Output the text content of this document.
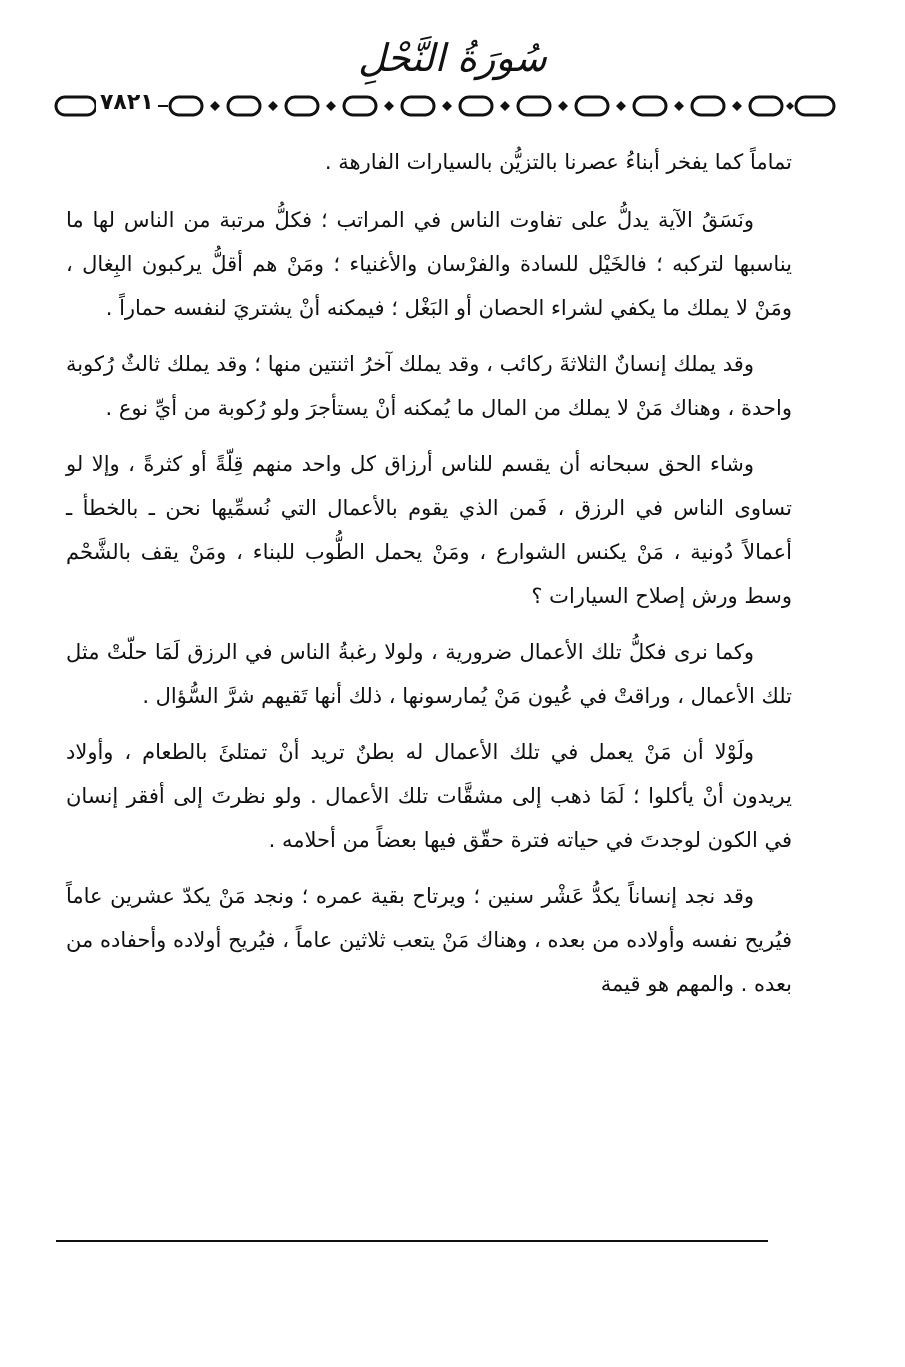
سُورَةُ النَّحْلِ
٧٨٢١

تماماً كما يفخر أبناءُ عصرنا بالتزيُّن بالسيارات الفارهة .

ونَسَقُ الآية يدلُّ على تفاوت الناس في المراتب ؛ فكلُّ مرتبة من الناس لها ما يناسبها لتركبه ؛ فالخَيْل للسادة والفرْسان والأغنياء ؛ ومَنْ هم أقلُّ يركبون البِغال ، ومَنْ لا يملك ما يكفي لشراء الحصان أو البَغْل ؛ فيمكنه أنْ يشتريَ لنفسه حماراً .

وقد يملك إنسانٌ الثلاثةَ ركائب ، وقد يملك آخرُ اثنتين منها ؛ وقد يملك ثالثٌ رُكوبة واحدة ، وهناك مَنْ لا يملك من المال ما يُمكنه أنْ يستأجرَ ولو رُكوبة من أيِّ نوع .

وشاء الحق سبحانه أن يقسم للناس أرزاق كل واحد منهم قِلّةً أو كثرةً ، وإلا لو تساوى الناس في الرزق ، فَمن الذي يقوم بالأعمال التي نُسمِّيها نحن ـ بالخطأ ـ أعمالاً دُونية ، مَنْ يكنس الشوارع ، ومَنْ يحمل الطُّوب للبناء ، ومَنْ يقف بالشَّحْم وسط ورش إصلاح السيارات ؟

وكما نرى فكلُّ تلك الأعمال ضرورية ، ولولا رغبةُ الناس في الرزق لَمَا حلّتْ مثل تلك الأعمال ، وراقتْ في عُيون مَنْ يُمارسونها ، ذلك أنها تَقيهم شرَّ السُّؤال .

ولَوْلا أن مَنْ يعمل في تلك الأعمال له بطنٌ تريد أنْ تمتلئَ بالطعام ، وأولاد يريدون أنْ يأكلوا ؛ لَمَا ذهب إلى مشقَّات تلك الأعمال . ولو نظرتَ إلى أفقر إنسان في الكون لوجدتَ في حياته فترة حقّق فيها بعضاً من أحلامه .

وقد نجد إنساناً يكدُّ عَشْر سنين ؛ ويرتاح بقية عمره ؛ ونجد مَنْ يكدّ عشرين عاماً فيُريح نفسه وأولاده من بعده ، وهناك مَنْ يتعب ثلاثين عاماً ، فيُريح أولاده وأحفاده من بعده . والمهم هو قيمة
